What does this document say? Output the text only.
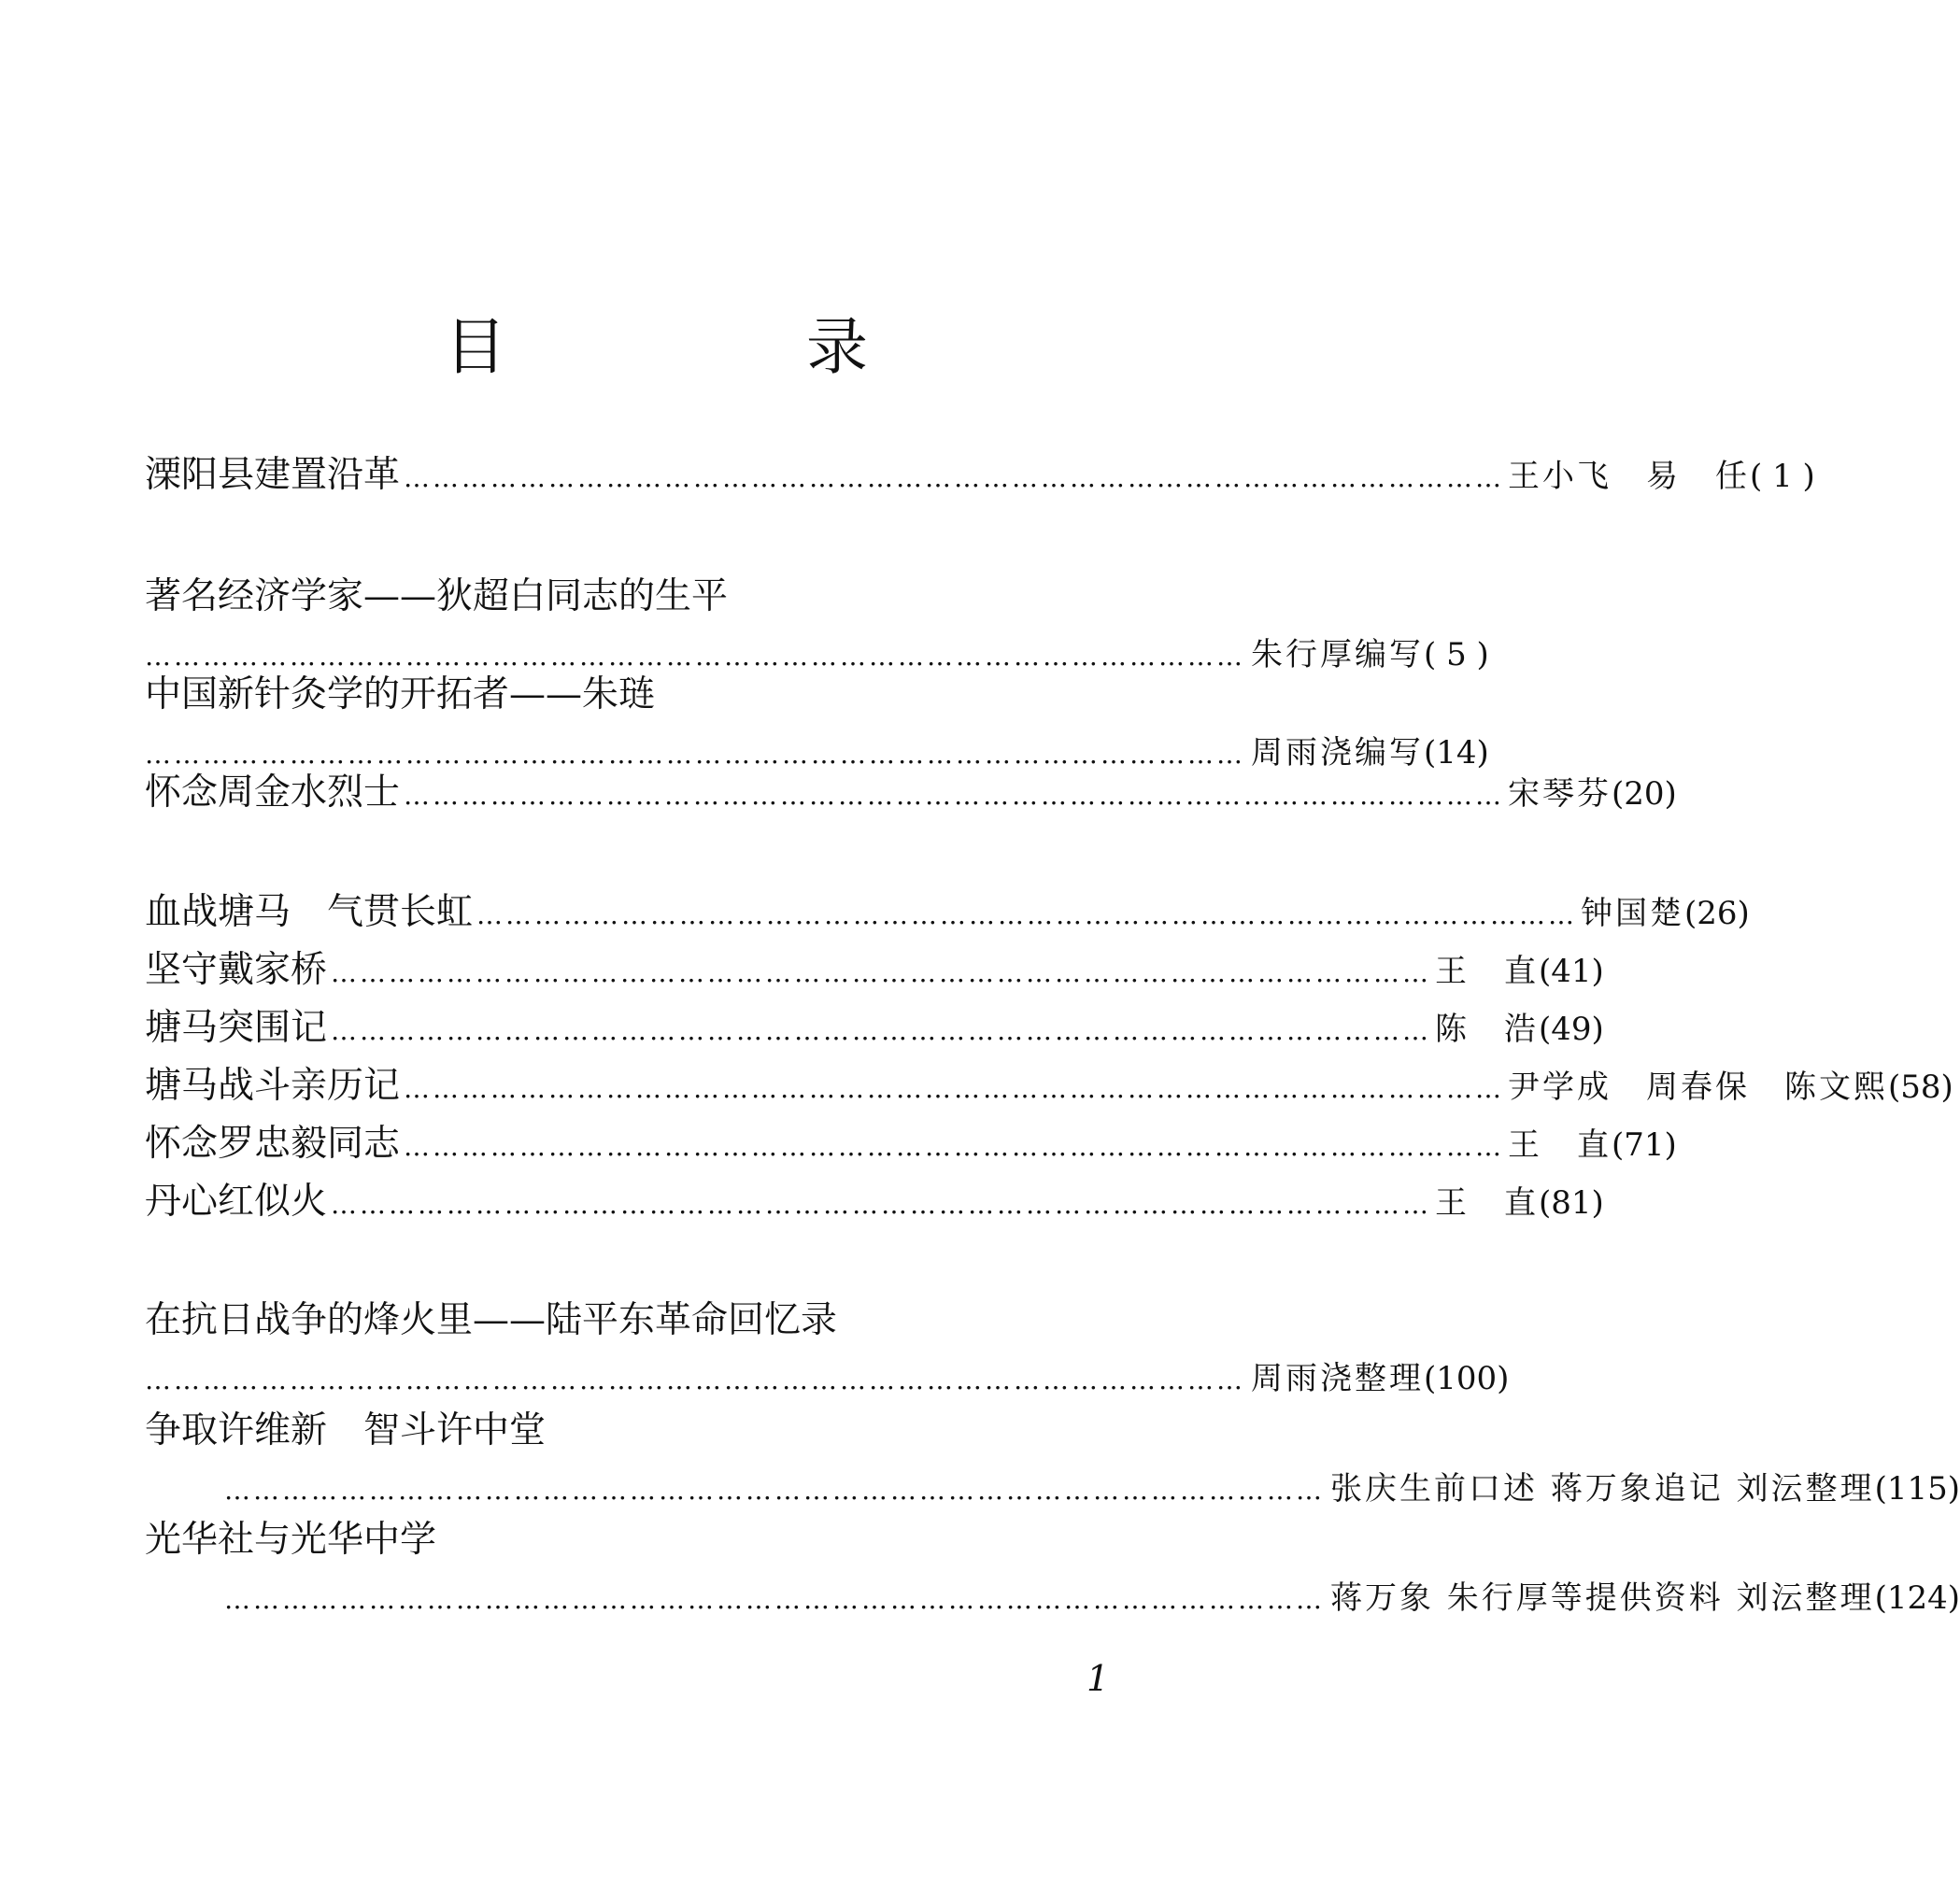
目 录
溧阳县建置沿革 …………………………………………………………………………………………………… 王小飞　易　任 ( 1 )
著名经济学家——狄超白同志的生平
…………………………………………………………………………………………………… 朱行厚编写 ( 5 )
中国新针灸学的开拓者——朱琏
…………………………………………………………………………………………………… 周雨浇编写 (14)
怀念周金水烈士 …………………………………………………………………………………………………… 宋琴芬 (20)
血战塘马　气贯长虹 …………………………………………………………………………………………………… 钟国楚 (26)
坚守戴家桥 …………………………………………………………………………………………………… 王　直 (41)
塘马突围记 …………………………………………………………………………………………………… 陈　浩 (49)
塘马战斗亲历记 …………………………………………………………………………………………………… 尹学成　周春保　陈文熙 (58)
怀念罗忠毅同志 …………………………………………………………………………………………………… 王　直 (71)
丹心红似火 …………………………………………………………………………………………………… 王　直 (81)
在抗日战争的烽火里——陆平东革命回忆录
…………………………………………………………………………………………………… 周雨浇整理 (100)
争取许维新　智斗许中堂
…………………………………………………………………………………………………… 张庆生前口述 蒋万象追记 刘沄整理 (115)
光华社与光华中学
…………………………………………………………………………………………………… 蒋万象 朱行厚等提供资料 刘沄整理 (124)
1
